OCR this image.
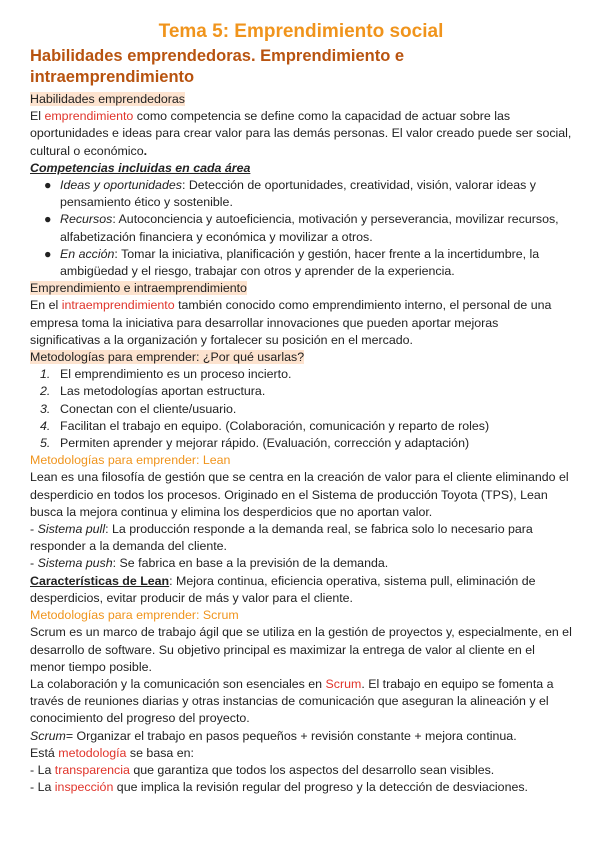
Tema 5: Emprendimiento social
Habilidades emprendedoras. Emprendimiento e intraemprendimiento

Habilidades emprendedoras

El emprendimiento como competencia se define como la capacidad de actuar sobre las oportunidades e ideas para crear valor para las demás personas. El valor creado puede ser social, cultural o económico.

Competencias incluidas en cada área

● Ideas y oportunidades: Detección de oportunidades, creatividad, visión, valorar ideas y pensamiento ético y sostenible.
● Recursos: Autoconciencia y autoeficiencia, motivación y perseverancia, movilizar recursos, alfabetización financiera y económica y movilizar a otros.
● En acción: Tomar la iniciativa, planificación y gestión, hacer frente a la incertidumbre, la ambigüedad y el riesgo, trabajar con otros y aprender de la experiencia.

Emprendimiento e intraemprendimiento

En el intraemprendimiento también conocido como emprendimiento interno, el personal de una empresa toma la iniciativa para desarrollar innovaciones que pueden aportar mejoras significativas a la organización y fortalecer su posición en el mercado.

Metodologías para emprender: ¿Por qué usarlas?

1. El emprendimiento es un proceso incierto.
2. Las metodologías aportan estructura.
3. Conectan con el cliente/usuario.
4. Facilitan el trabajo en equipo. (Colaboración, comunicación y reparto de roles)
5. Permiten aprender y mejorar rápido. (Evaluación, corrección y adaptación)

Metodologías para emprender: Lean

Lean es una filosofía de gestión que se centra en la creación de valor para el cliente eliminando el desperdicio en todos los procesos. Originado en el Sistema de producción Toyota (TPS), Lean busca la mejora continua y elimina los desperdicios que no aportan valor.

- Sistema pull: La producción responde a la demanda real, se fabrica solo lo necesario para responder a la demanda del cliente.

- Sistema push: Se fabrica en base a la previsión de la demanda.

Características de Lean: Mejora continua, eficiencia operativa, sistema pull, eliminación de desperdicios, evitar producir de más y valor para el cliente.

Metodologías para emprender: Scrum

Scrum es un marco de trabajo ágil que se utiliza en la gestión de proyectos y, especialmente, en el desarrollo de software. Su objetivo principal es maximizar la entrega de valor al cliente en el menor tiempo posible.

La colaboración y la comunicación son esenciales en Scrum. El trabajo en equipo se fomenta a través de reuniones diarias y otras instancias de comunicación que aseguran la alineación y el conocimiento del progreso del proyecto.

Scrum= Organizar el trabajo en pasos pequeños + revisión constante + mejora continua.

Está metodología se basa en:

- La transparencia que garantiza que todos los aspectos del desarrollo sean visibles.

- La inspección que implica la revisión regular del progreso y la detección de desviaciones.
